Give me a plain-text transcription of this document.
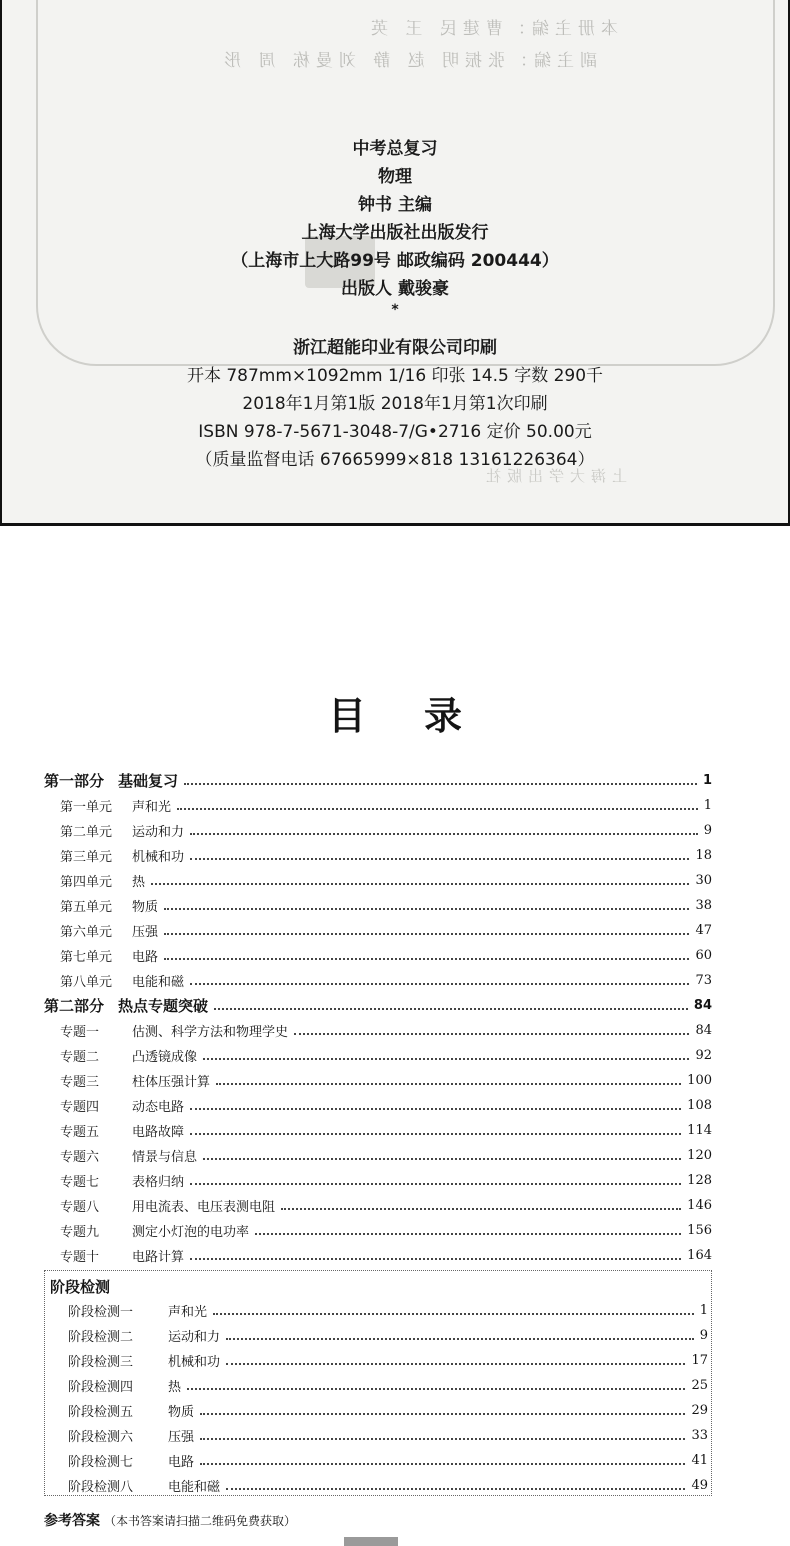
本册主编：曹建民 王 英
副主编：张振明 赵 静 刘曼栋 周 彤
上海大学出版社
中考总复习
物理
钟书 主编
上海大学出版社出版发行
（上海市上大路99号 邮政编码 200444）
出版人 戴骏豪
*
浙江超能印业有限公司印刷
开本 787mm×1092mm 1/16 印张 14.5 字数 290千
2018年1月第1版 2018年1月第1次印刷
ISBN 978-7-5671-3048-7/G•2716 定价 50.00元
（质量监督电话 67665999×818 13161226364）
目录
第一部分 基础复习	1
第一单元 声和光	1
第二单元 运动和力	9
第三单元 机械和功	18
第四单元 热	30
第五单元 物质	38
第六单元 压强	47
第七单元 电路	60
第八单元 电能和磁	73
第二部分 热点专题突破	84
专题一	估测、科学方法和物理学史	84
专题二	凸透镜成像	92
专题三	柱体压强计算	100
专题四	动态电路	108
专题五	电路故障	114
专题六	情景与信息	120
专题七	表格归纳	128
专题八	用电流表、电压表测电阻	146
专题九	测定小灯泡的电功率	156
专题十	电路计算	164
阶段检测
阶段检测一	声和光	1
阶段检测二	运动和力	9
阶段检测三	机械和功	17
阶段检测四	热	25
阶段检测五	物质	29
阶段检测六	压强	33
阶段检测七	电路	41
阶段检测八	电能和磁	49
参考答案 （本书答案请扫描二维码免费获取）
